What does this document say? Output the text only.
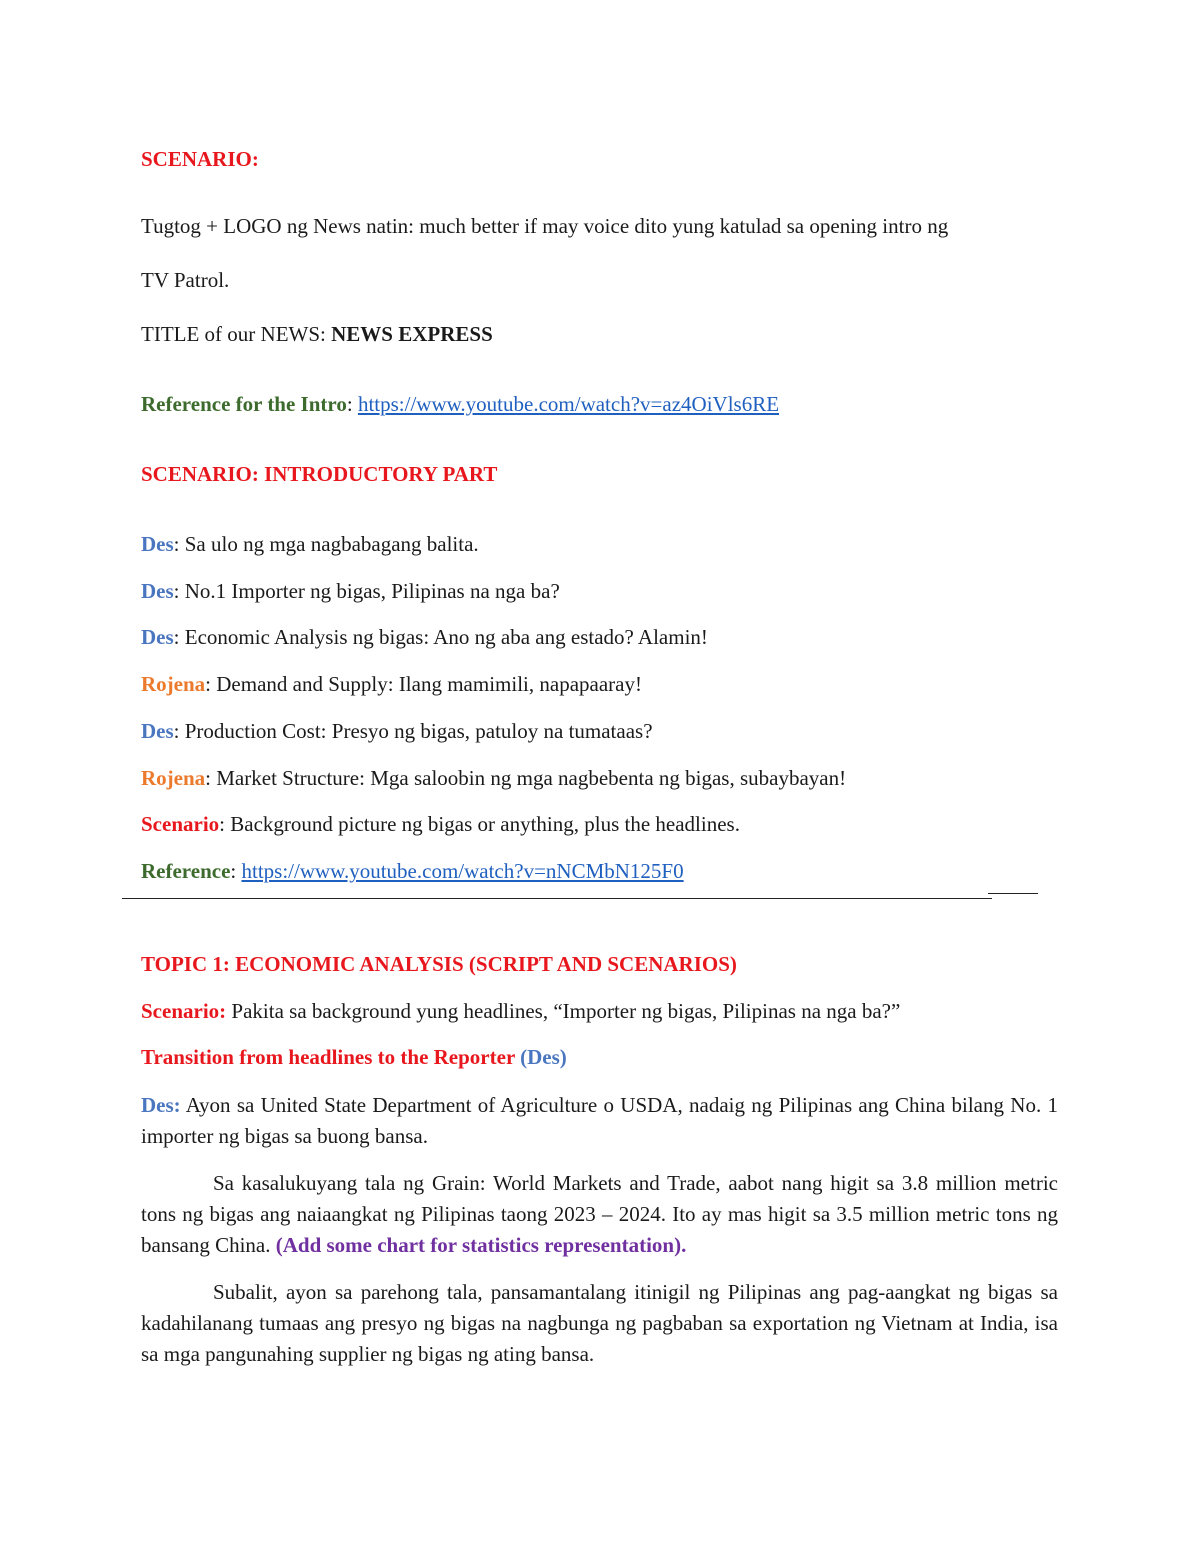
SCENARIO:
Tugtog + LOGO ng News natin: much better if may voice dito yung katulad sa opening intro ng
TV Patrol.
TITLE of our NEWS: NEWS EXPRESS
Reference for the Intro: https://www.youtube.com/watch?v=az4OiVls6RE
SCENARIO: INTRODUCTORY PART
Des: Sa ulo ng mga nagbabagang balita.
Des: No.1 Importer ng bigas, Pilipinas na nga ba?
Des: Economic Analysis ng bigas: Ano ng aba ang estado? Alamin!
Rojena: Demand and Supply: Ilang mamimili, napapaaray!
Des: Production Cost: Presyo ng bigas, patuloy na tumataas?
Rojena: Market Structure: Mga saloobin ng mga nagbebenta ng bigas, subaybayan!
Scenario: Background picture ng bigas or anything, plus the headlines.
Reference: https://www.youtube.com/watch?v=nNCMbN125F0
TOPIC 1: ECONOMIC ANALYSIS (SCRIPT AND SCENARIOS)
Scenario: Pakita sa background yung headlines, “Importer ng bigas, Pilipinas na nga ba?”
Transition from headlines to the Reporter (Des)
Des: Ayon sa United State Department of Agriculture o USDA, nadaig ng Pilipinas ang China bilang No. 1 importer ng bigas sa buong bansa.
Sa kasalukuyang tala ng Grain: World Markets and Trade, aabot nang higit sa 3.8 million metric tons ng bigas ang naiaangkat ng Pilipinas taong 2023 – 2024. Ito ay mas higit sa 3.5 million metric tons ng bansang China. (Add some chart for statistics representation).
Subalit, ayon sa parehong tala, pansamantalang itinigil ng Pilipinas ang pag-aangkat ng bigas sa kadahilanang tumaas ang presyo ng bigas na nagbunga ng pagbaban sa exportation ng Vietnam at India, isa sa mga pangunahing supplier ng bigas ng ating bansa.
